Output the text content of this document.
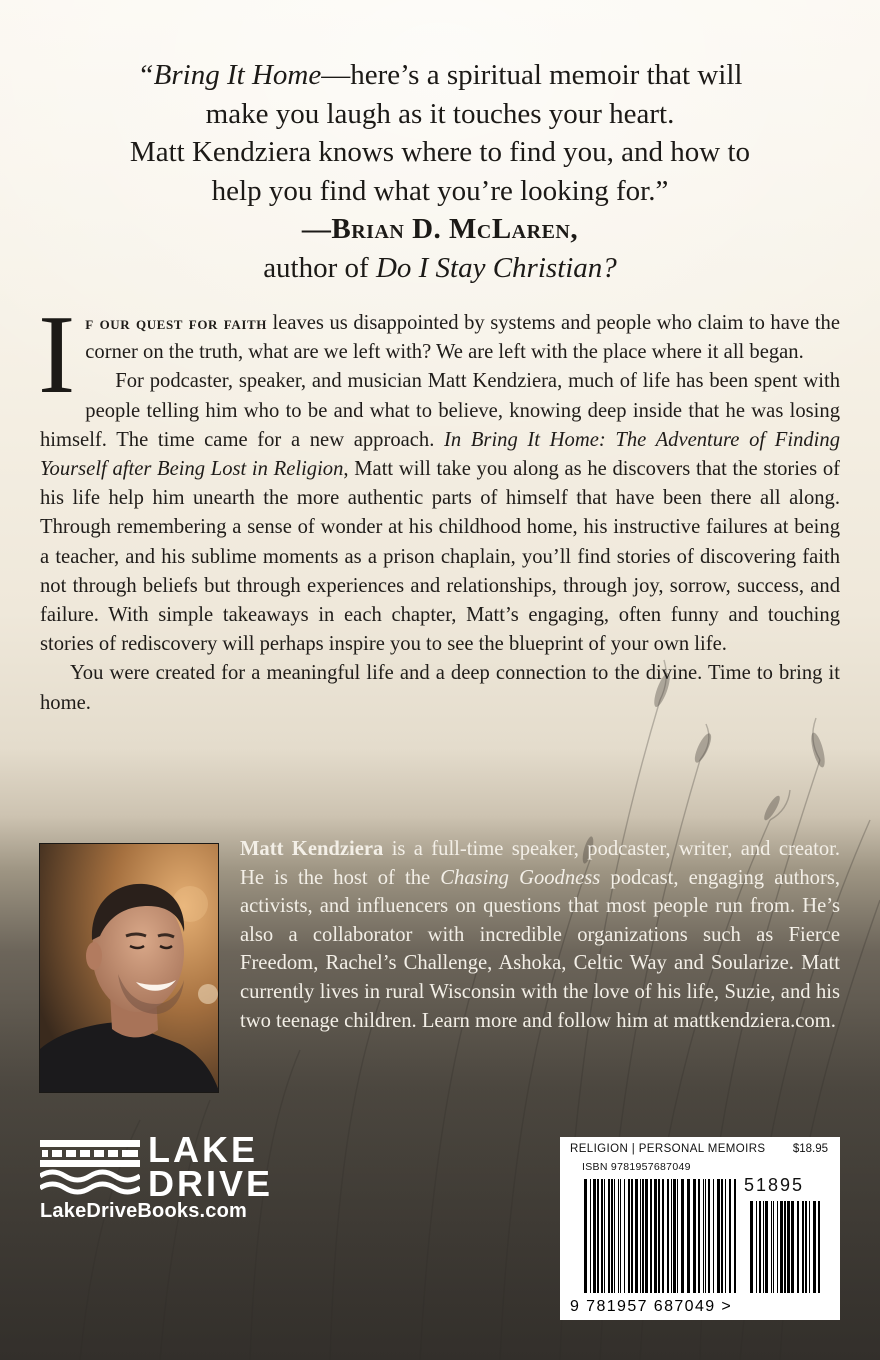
“Bring It Home—here’s a spiritual memoir that will
make you laugh as it touches your heart.
Matt Kendziera knows where to find you, and how to
help you find what you’re looking for.”
—Brian D. McLaren,
author of Do I Stay Christian?

If our quest for faith leaves us disappointed by systems and people who claim to have the corner on the truth, what are we left with? We are left with the place where it all began.

For podcaster, speaker, and musician Matt Kendziera, much of life has been spent with people telling him who to be and what to believe, knowing deep inside that he was losing himself. The time came for a new approach. In Bring It Home: The Adventure of Finding Yourself after Being Lost in Religion, Matt will take you along as he discovers that the stories of his life help him unearth the more authentic parts of himself that have been there all along. Through remembering a sense of wonder at his childhood home, his instructive failures at being a teacher, and his sublime moments as a prison chaplain, you’ll find stories of discovering faith not through beliefs but through experiences and relationships, through joy, sorrow, success, and failure. With simple takeaways in each chapter, Matt’s engaging, often funny and touching stories of rediscovery will perhaps inspire you to see the blueprint of your own life.

You were created for a meaningful life and a deep connection to the divine. Time to bring it home.

Matt Kendziera is a full-time speaker, podcaster, writer, and creator. He is the host of the Chasing Goodness podcast, engaging authors, activists, and influencers on questions that most people run from. He’s also a collaborator with incredible organizations such as Fierce Freedom, Rachel’s Challenge, Ashoka, Celtic Way and Soularize. Matt currently lives in rural Wisconsin with the love of his life, Suzie, and his two teenage children. Learn more and follow him at mattkendziera.com.
LAKE
DRIVE
LakeDriveBooks.com
RELIGION | PERSONAL MEMOIRS $18.95
ISBN 9781957687049
51895
9 781957 687049 >
